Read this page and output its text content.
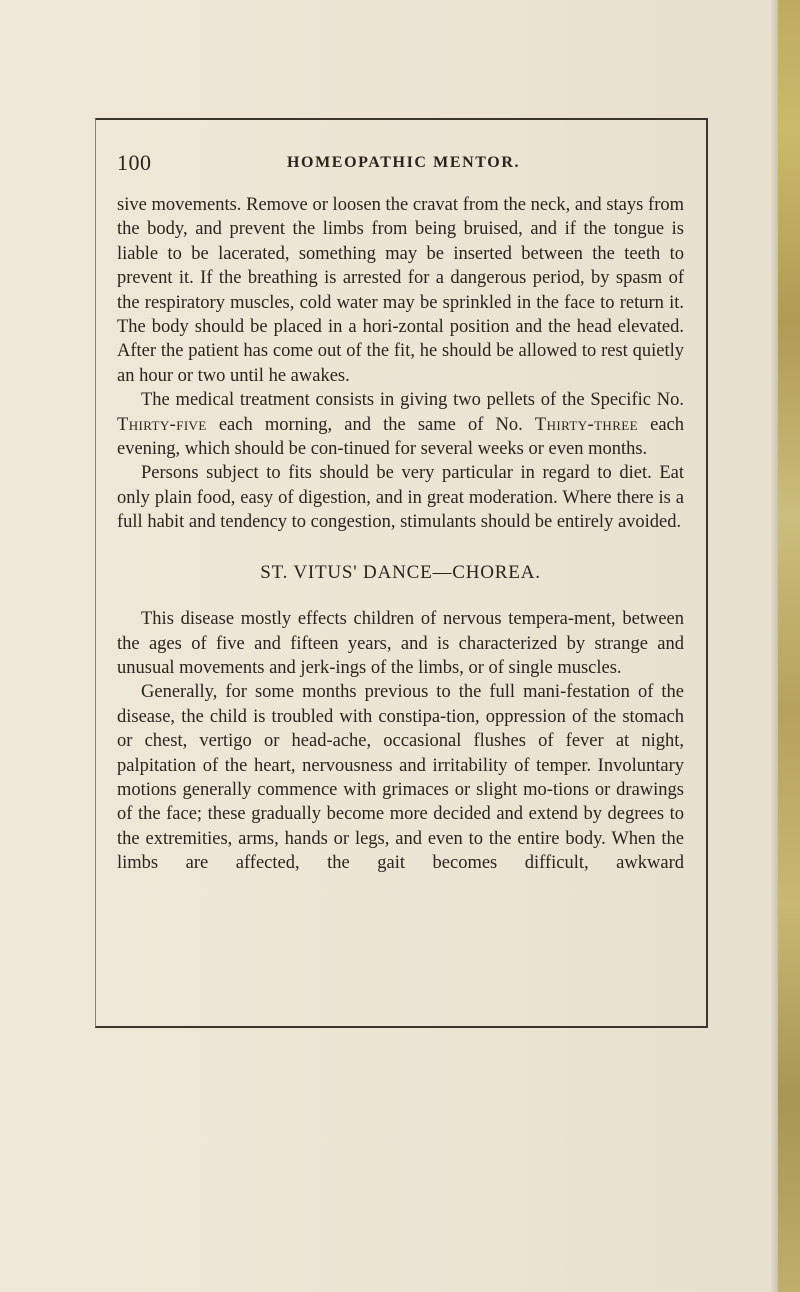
100	HOMEOPATHIC MENTOR.

sive movements. Remove or loosen the cravat from the neck, and stays from the body, and prevent the limbs from being bruised, and if the tongue is liable to be lacerated, something may be inserted between the teeth to prevent it. If the breathing is arrested for a dangerous period, by spasm of the respiratory muscles, cold water may be sprinkled in the face to return it. The body should be placed in a hori-zontal position and the head elevated. After the patient has come out of the fit, he should be allowed to rest quietly an hour or two until he awakes.

The medical treatment consists in giving two pellets of the Specific No. Thirty-five each morning, and the same of No. Thirty-three each evening, which should be con-tinued for several weeks or even months.

Persons subject to fits should be very particular in regard to diet. Eat only plain food, easy of digestion, and in great moderation. Where there is a full habit and tendency to congestion, stimulants should be entirely avoided.

ST. VITUS' DANCE—CHOREA.

This disease mostly effects children of nervous tempera-ment, between the ages of five and fifteen years, and is characterized by strange and unusual movements and jerk-ings of the limbs, or of single muscles.

Generally, for some months previous to the full mani-festation of the disease, the child is troubled with constipa-tion, oppression of the stomach or chest, vertigo or head-ache, occasional flushes of fever at night, palpitation of the heart, nervousness and irritability of temper. Involuntary motions generally commence with grimaces or slight mo-tions or drawings of the face; these gradually become more decided and extend by degrees to the extremities, arms, hands or legs, and even to the entire body. When the limbs are affected, the gait becomes difficult, awkward
